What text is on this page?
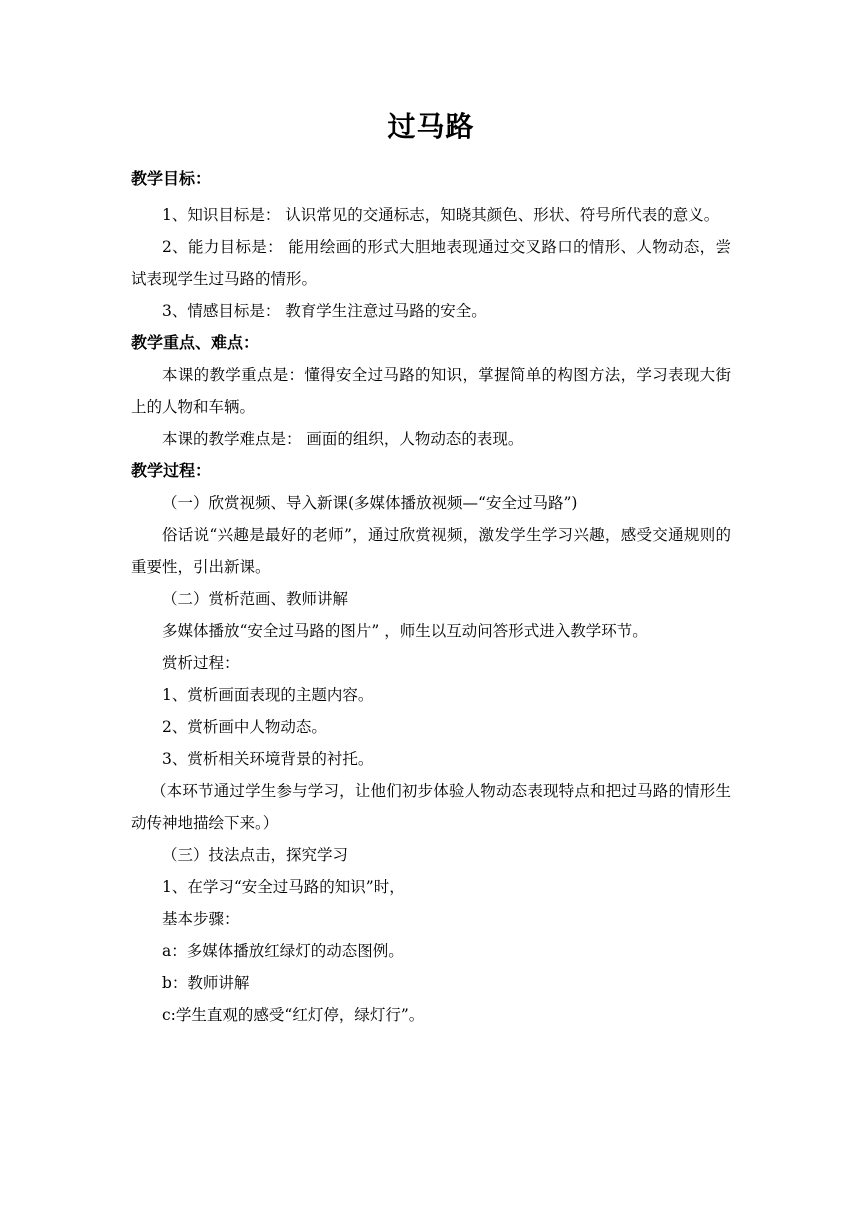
过马路

教学目标：

1、知识目标是： 认识常见的交通标志，知晓其颜色、形状、符号所代表的意义。

2、能力目标是： 能用绘画的形式大胆地表现通过交叉路口的情形、人物动态，尝试表现学生过马路的情形。

3、情感目标是： 教育学生注意过马路的安全。

教学重点、难点：

本课的教学重点是：懂得安全过马路的知识，掌握简单的构图方法，学习表现大街上的人物和车辆。

本课的教学难点是： 画面的组织，人物动态的表现。

教学过程：

（一）欣赏视频、导入新课(多媒体播放视频—“安全过马路”)

俗话说“兴趣是最好的老师”，通过欣赏视频，激发学生学习兴趣，感受交通规则的重要性，引出新课。

（二）赏析范画、教师讲解

多媒体播放“安全过马路的图片” ，师生以互动问答形式进入教学环节。

赏析过程：

1、赏析画面表现的主题内容。

2、赏析画中人物动态。

3、赏析相关环境背景的衬托。

（本环节通过学生参与学习，让他们初步体验人物动态表现特点和把过马路的情形生动传神地描绘下来。）

（三）技法点击，探究学习

1、在学习“安全过马路的知识”时，

基本步骤：

a：多媒体播放红绿灯的动态图例。

b：教师讲解

c:学生直观的感受“红灯停，绿灯行”。
